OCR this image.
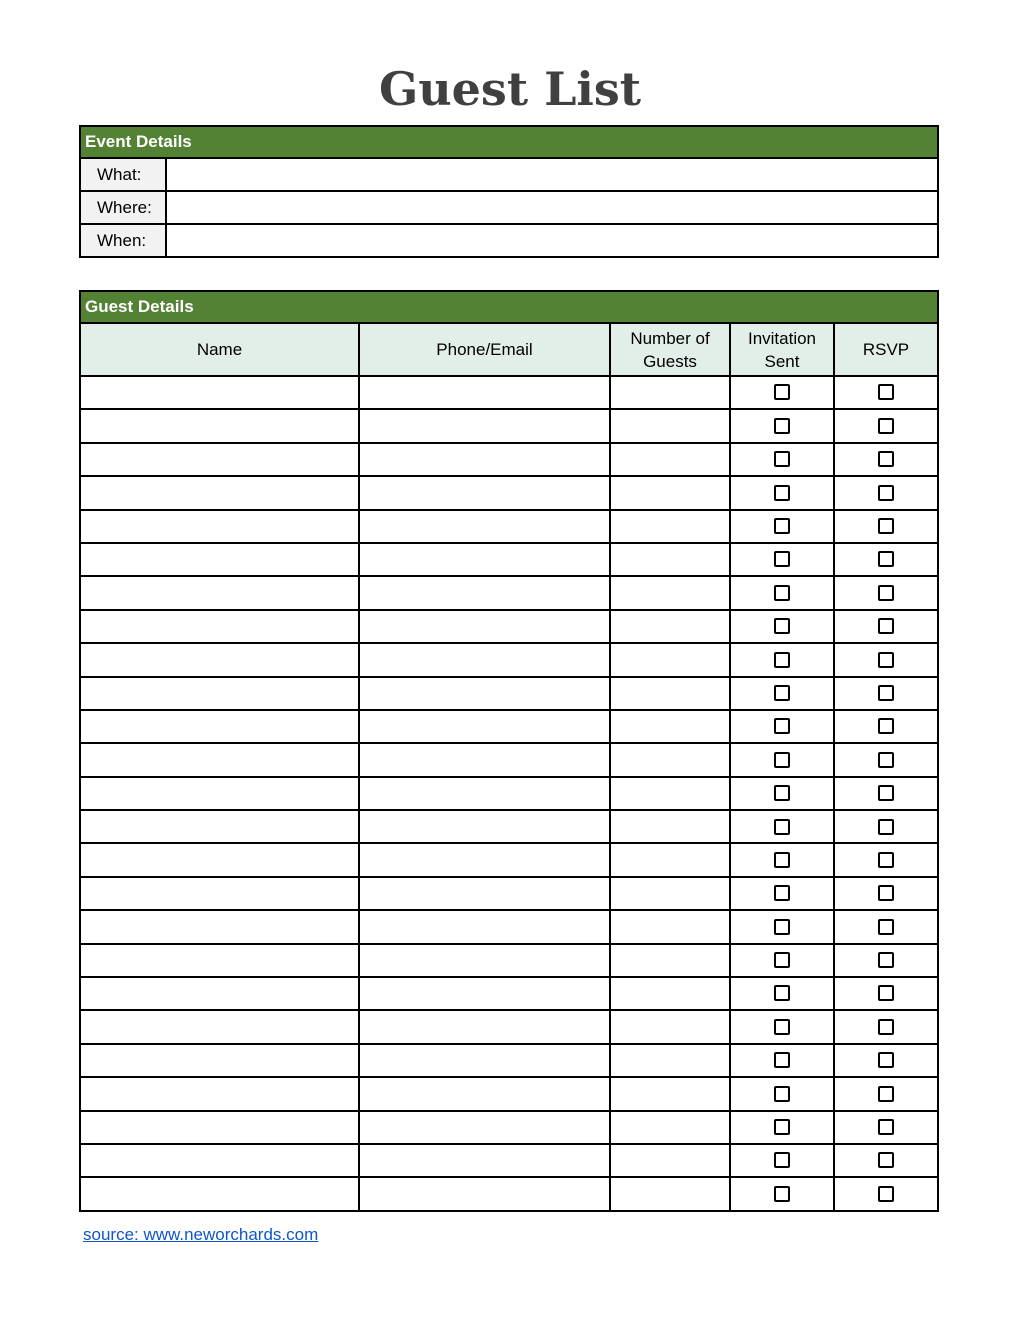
Guest List
Event Details	
What:	
Where:	
When:	
Guest Details				
Name	Phone/Email	Number of Guests	Invitation Sent	RSVP

source: www.neworchards.com
